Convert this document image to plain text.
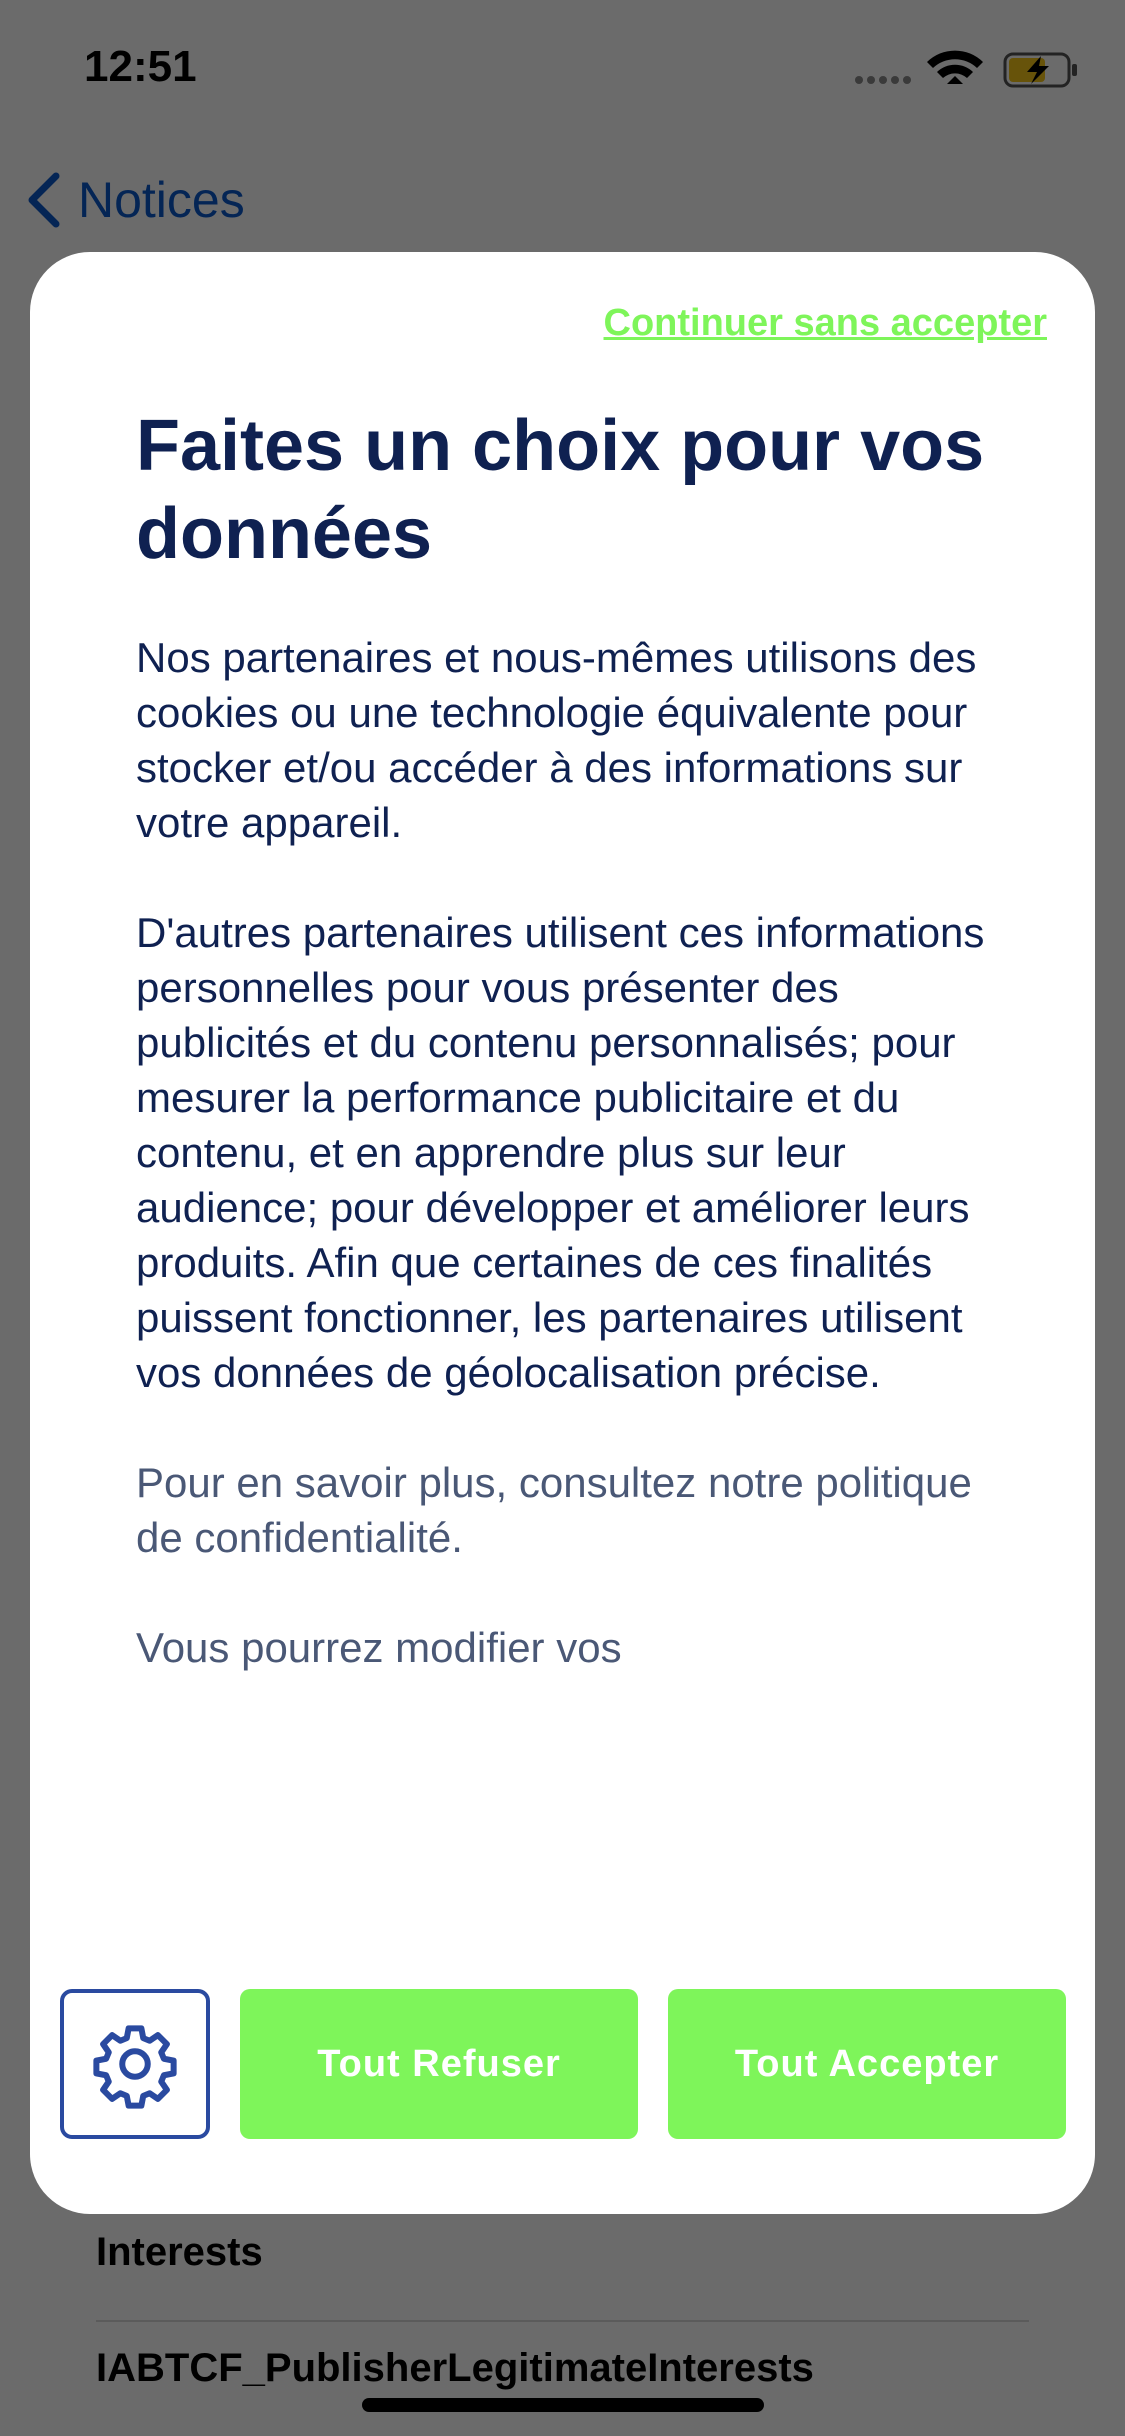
Continuer sans accepter
Faites un choix pour vos données

Nos partenaires et nous-mêmes utilisons des cookies ou une technologie équivalente pour stocker et/ou accéder à des informations sur votre appareil.

D'autres partenaires utilisent ces informations personnelles pour vous présenter des publicités et du contenu personnalisés; pour mesurer la performance publicitaire et du contenu, et en apprendre plus sur leur audience; pour développer et améliorer leurs produits. Afin que certaines de ces finalités puissent fonctionner, les partenaires utilisent vos données de géolocalisation précise.

Pour en savoir plus, consultez notre politique de confidentialité.

Vous pourrez modifier vos

Tout Refuser	Tout Accepter
